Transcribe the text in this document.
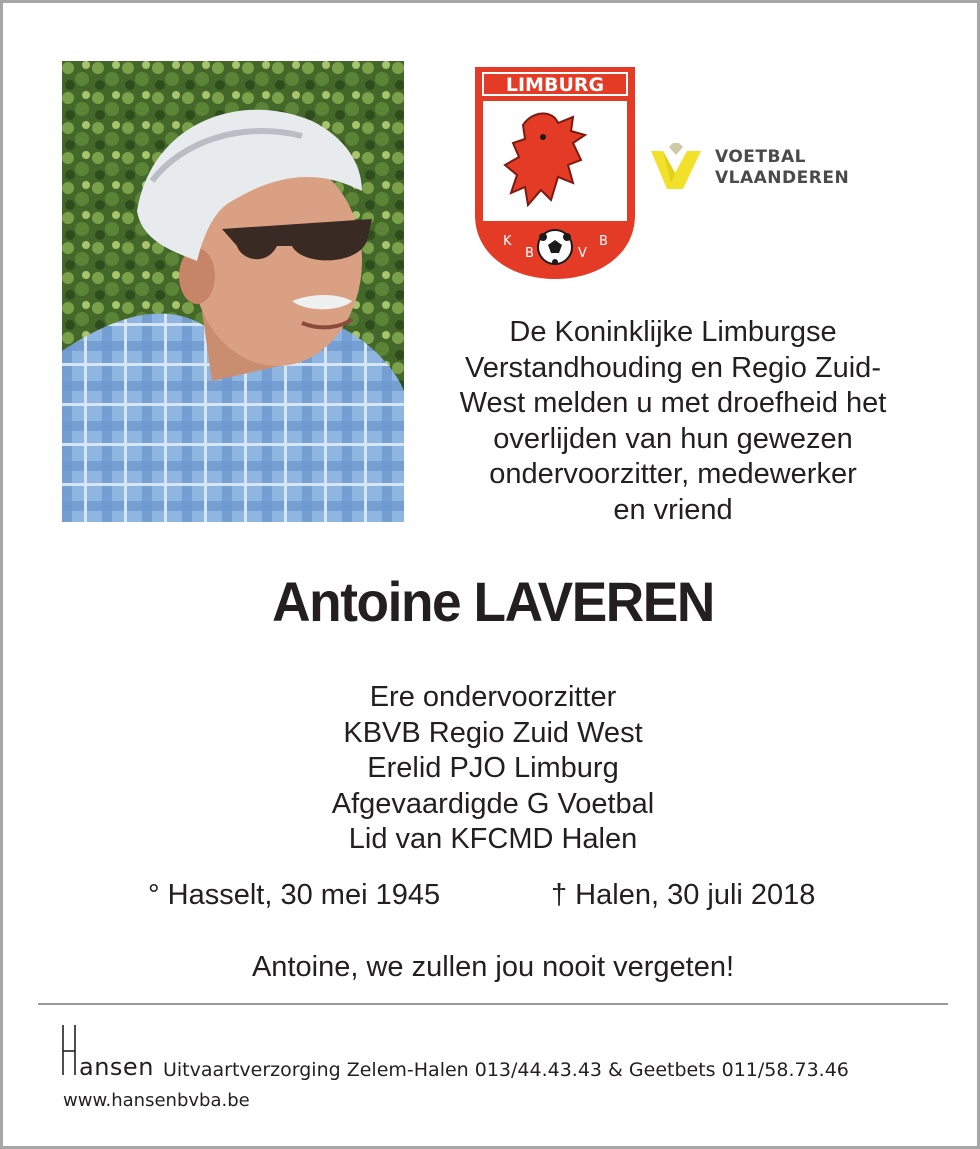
LIMBURG
K
B	V
B
VOETBAL
VLAANDEREN
De Koninklijke Limburgse
Verstandhouding en Regio Zuid-
West melden u met droefheid het
overlijden van hun gewezen
ondervoorzitter, medewerker
en vriend
Antoine LAVEREN
Ere ondervoorzitter
KBVB Regio Zuid West
Erelid PJO Limburg
Afgevaardigde G Voetbal
Lid van KFCMD Halen
° Hasselt, 30 mei 1945	† Halen, 30 juli 2018
Antoine, we zullen jou nooit vergeten!
ansen Uitvaartverzorging Zelem-Halen 013/44.43.43 & Geetbets 011/58.73.46
www.hansenbvba.be
